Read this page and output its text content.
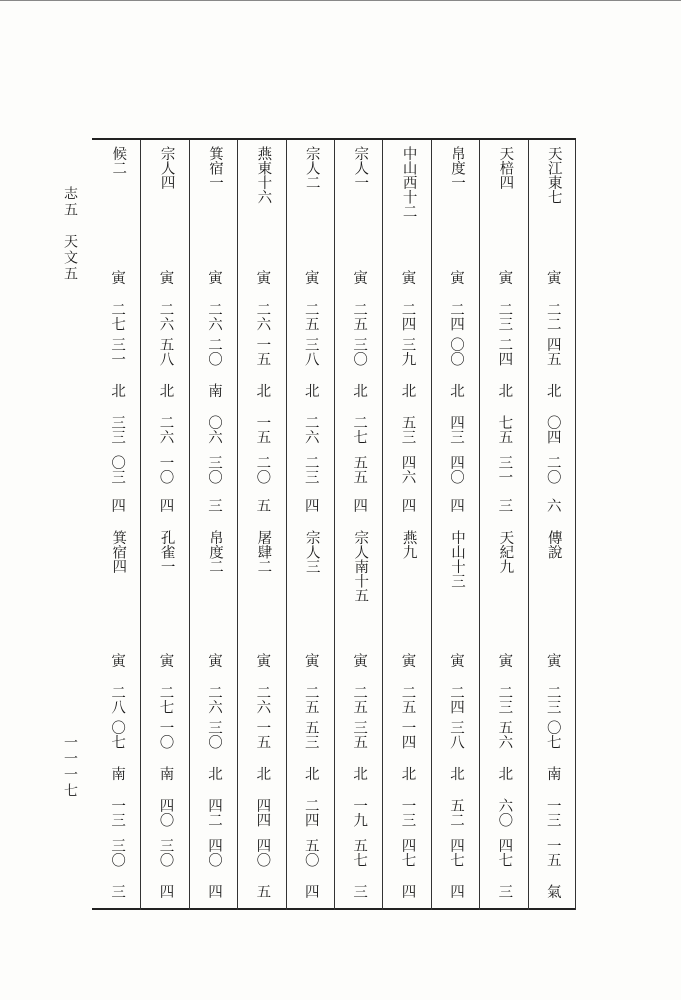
志五　天文五
一一一七
天江東七
傳說
寅
二二
四五
北
〇四
二〇
六
寅
二三
〇七
南
一三
一五
氣
天棓四
天紀九
寅
二三
二四
北
七五
三一
三
寅
二三
五六
北
六〇
四七
三
帛度一
中山十三
寅
二四
〇〇
北
四三
四〇
四
寅
二四
三八
北
五二
四七
四
中山西十二
燕九
寅
二四
三九
北
五三
四六
四
寅
二五
一四
北
一三
四七
四
宗人一
宗人南十五
寅
二五
三〇
北
二七
五五
四
寅
二五
三五
北
一九
五七
三
宗人二
宗人三
寅
二五
三八
北
二六
二三
四
寅
二五
五三
北
二四
五〇
四
燕東十六
屠肆二
寅
二六
一五
北
一五
二〇
五
寅
二六
一五
北
四四
四〇
五
箕宿一
帛度二
寅
二六
二〇
南
〇六
三〇
三
寅
二六
三〇
北
四二
四〇
四
宗人四
孔雀一
寅
二六
五八
北
二六
一〇
四
寅
二七
一〇
南
四〇
三〇
四
候二
箕宿四
寅
二七
三一
北
三三
〇三
四
寅
二八
〇七
南
一三
三〇
三
